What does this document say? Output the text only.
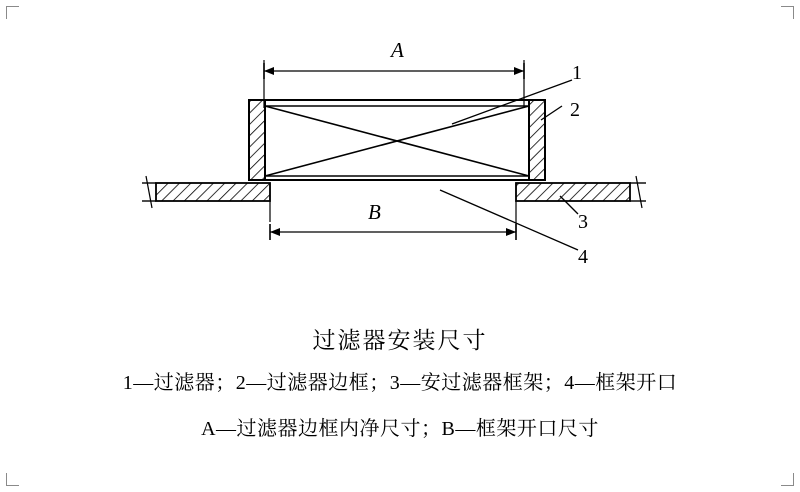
A
B
1
2
3
4
过滤器安装尺寸
1—过滤器；2—过滤器边框；3—安过滤器框架；4—框架开口
A—过滤器边框内净尺寸；B—框架开口尺寸
